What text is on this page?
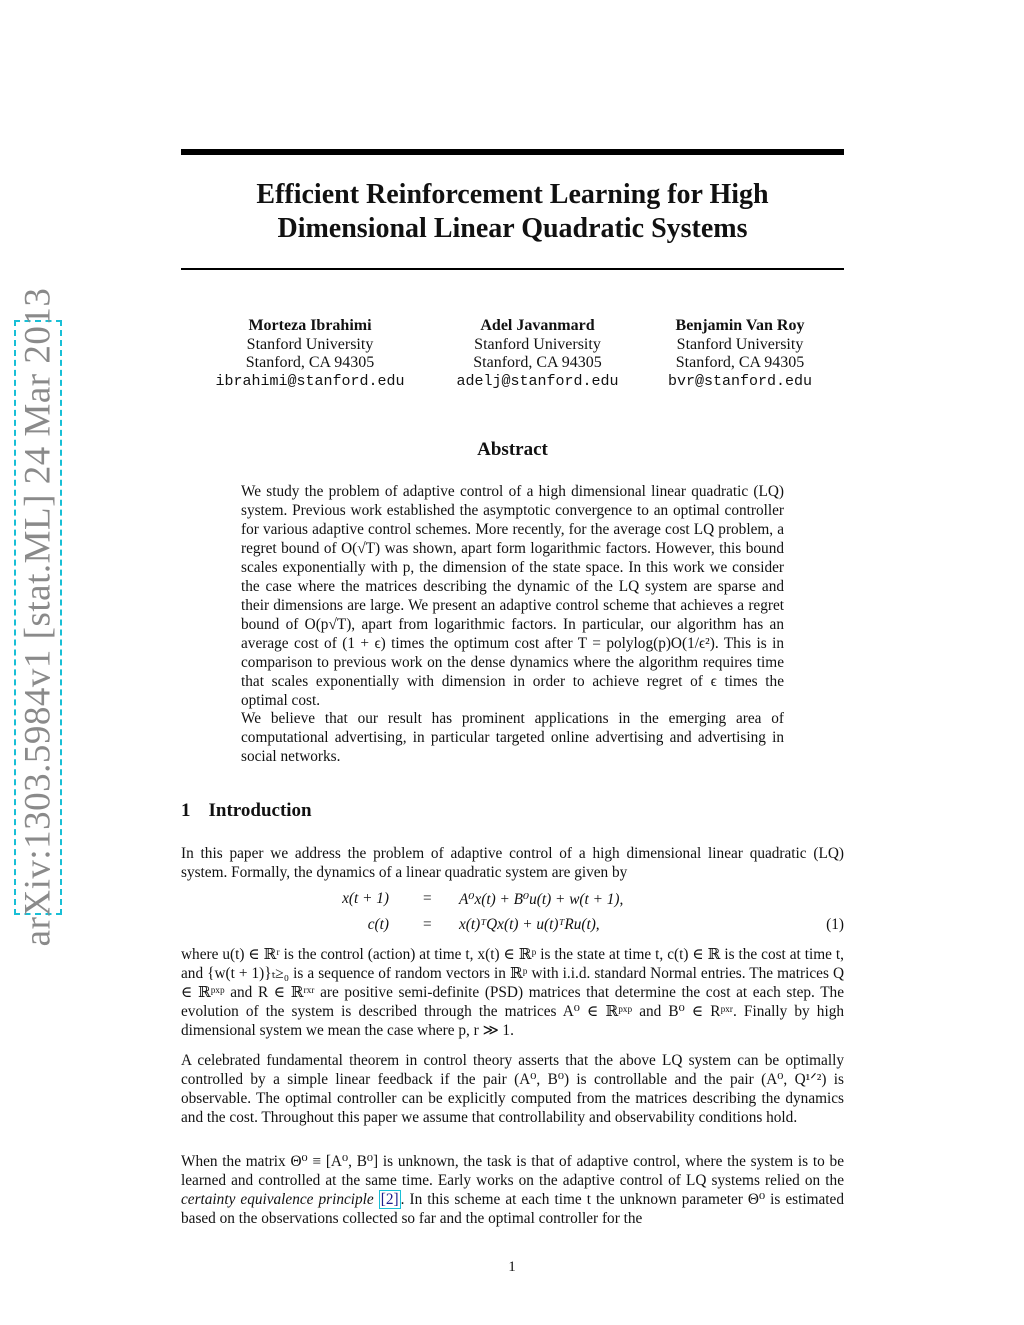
arXiv:1303.5984v1 [stat.ML] 24 Mar 2013
Efficient Reinforcement Learning for High Dimensional Linear Quadratic Systems
Morteza Ibrahimi
Stanford University
Stanford, CA 94305
ibrahimi@stanford.edu
Adel Javanmard
Stanford University
Stanford, CA 94305
adelj@stanford.edu
Benjamin Van Roy
Stanford University
Stanford, CA 94305
bvr@stanford.edu
Abstract
We study the problem of adaptive control of a high dimensional linear quadratic (LQ) system. Previous work established the asymptotic convergence to an optimal controller for various adaptive control schemes. More recently, for the average cost LQ problem, a regret bound of O(√T) was shown, apart form logarithmic factors. However, this bound scales exponentially with p, the dimension of the state space. In this work we consider the case where the matrices describing the dynamic of the LQ system are sparse and their dimensions are large. We present an adaptive control scheme that achieves a regret bound of O(p√T), apart from logarithmic factors. In particular, our algorithm has an average cost of (1 + ϵ) times the optimum cost after T = polylog(p)O(1/ϵ²). This is in comparison to previous work on the dense dynamics where the algorithm requires time that scales exponentially with dimension in order to achieve regret of ϵ times the optimal cost.
We believe that our result has prominent applications in the emerging area of computational advertising, in particular targeted online advertising and advertising in social networks.
1 Introduction
In this paper we address the problem of adaptive control of a high dimensional linear quadratic (LQ) system. Formally, the dynamics of a linear quadratic system are given by
x(t + 1) = A⁰x(t) + B⁰u(t) + w(t + 1),
c(t) = x(t)ᵀQx(t) + u(t)ᵀRu(t),	(1)
where u(t) ∈ ℝʳ is the control (action) at time t, x(t) ∈ ℝᵖ is the state at time t, c(t) ∈ ℝ is the cost at time t, and {w(t + 1)}ₜ≥₀ is a sequence of random vectors in ℝᵖ with i.i.d. standard Normal entries. The matrices Q ∈ ℝᵖˣᵖ and R ∈ ℝʳˣʳ are positive semi-definite (PSD) matrices that determine the cost at each step. The evolution of the system is described through the matrices A⁰ ∈ ℝᵖˣᵖ and B⁰ ∈ Rᵖˣʳ. Finally by high dimensional system we mean the case where p, r ≫ 1.
A celebrated fundamental theorem in control theory asserts that the above LQ system can be optimally controlled by a simple linear feedback if the pair (A⁰, B⁰) is controllable and the pair (A⁰, Q¹ᐟ²) is observable. The optimal controller can be explicitly computed from the matrices describing the dynamics and the cost. Throughout this paper we assume that controllability and observability conditions hold.
When the matrix Θ⁰ ≡ [A⁰, B⁰] is unknown, the task is that of adaptive control, where the system is to be learned and controlled at the same time. Early works on the adaptive control of LQ systems relied on the certainty equivalence principle [2] . In this scheme at each time t the unknown parameter Θ⁰ is estimated based on the observations collected so far and the optimal controller for the
1
